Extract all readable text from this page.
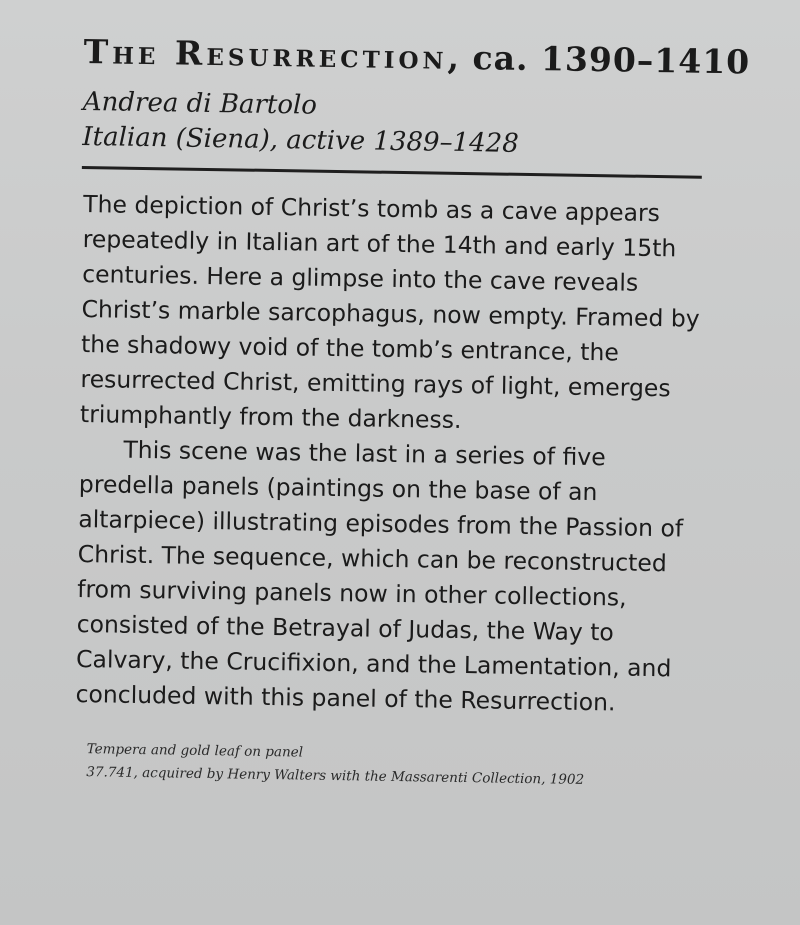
The Resurrection, ca. 1390–1410
Andrea di Bartolo
Italian (Siena), active 1389–1428

The depiction of Christ’s tomb as a cave appears repeatedly in Italian art of the 14th and early 15th centuries. Here a glimpse into the cave reveals Christ’s marble sarcophagus, now empty. Framed by the shadowy void of the tomb’s entrance, the resurrected Christ, emitting rays of light, emerges triumphantly from the darkness.

This scene was the last in a series of five predella panels (paintings on the base of an altarpiece) illustrating episodes from the Passion of Christ. The sequence, which can be reconstructed from surviving panels now in other collections, consisted of the Betrayal of Judas, the Way to Calvary, the Crucifixion, and the Lamentation, and concluded with this panel of the Resurrection.

Tempera and gold leaf on panel
37.741, acquired by Henry Walters with the Massarenti Collection, 1902
